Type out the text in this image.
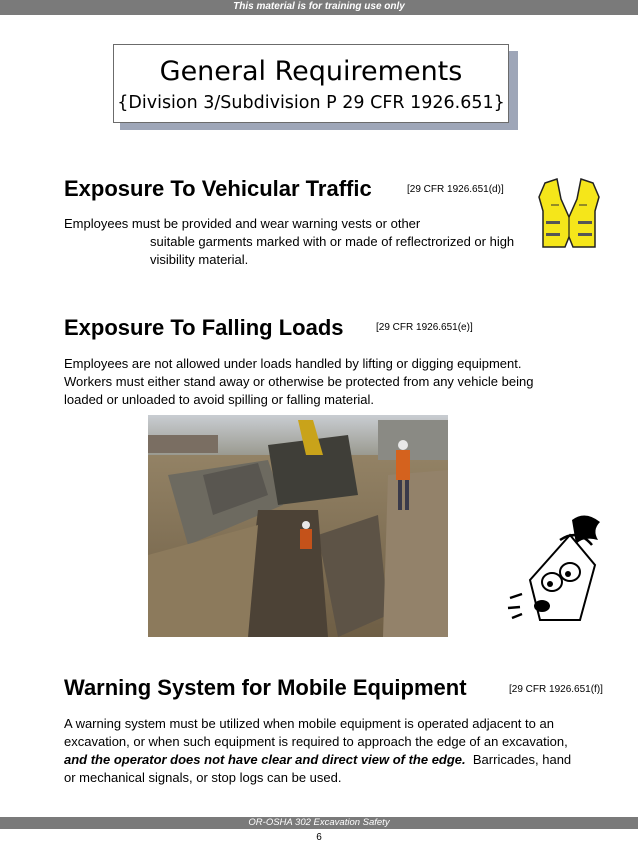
This material is for training use only
General Requirements
{Division 3/Subdivision P 29 CFR 1926.651}
Exposure To Vehicular Traffic	[29 CFR 1926.651(d)]
Employees must be provided and wear warning vests or other
suitable garments marked with or made of reflectrorized or high
visibility material.
Exposure To Falling Loads	[29 CFR 1926.651(e)]
Employees are not allowed under loads handled by lifting or digging equipment.
Workers must either stand away or otherwise be protected from any vehicle being
loaded or unloaded to avoid spilling or falling material.
Warning System for Mobile Equipment	[29 CFR 1926.651(f)]
A warning system must be utilized when mobile equipment is operated adjacent to an
excavation, or when such equipment is required to approach the edge of an excavation,
and the operator does not have clear and direct view of the edge.  Barricades, hand
or mechanical signals, or stop logs can be used.
OR-OSHA 302 Excavation Safety
6
